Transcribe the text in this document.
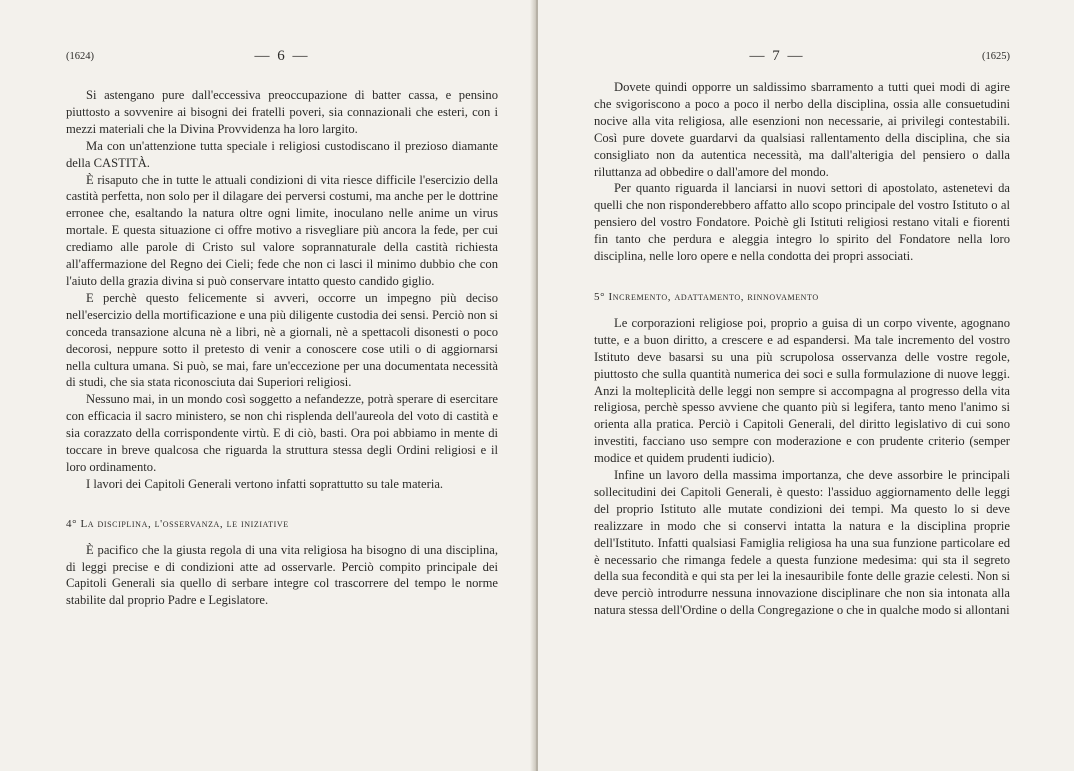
(1624)	— 6 —

Si astengano pure dall'eccessiva preoccupazione di batter cassa, e pensino piuttosto a sovvenire ai bisogni dei fratelli poveri, sia connazionali che esteri, con i mezzi materiali che la Divina Provvidenza ha loro largito.

Ma con un'attenzione tutta speciale i religiosi custodiscano il prezioso diamante della CASTITÀ.

È risaputo che in tutte le attuali condizioni di vita riesce difficile l'esercizio della castità perfetta, non solo per il dilagare dei perversi costumi, ma anche per le dottrine erronee che, esaltando la natura oltre ogni limite, inoculano nelle anime un virus mortale. E questa situazione ci offre motivo a risvegliare più ancora la fede, per cui crediamo alle parole di Cristo sul valore soprannaturale della castità richiesta all'affermazione del Regno dei Cieli; fede che non ci lasci il minimo dubbio che con l'aiuto della grazia divina si può conservare intatto questo candido giglio.

E perchè questo felicemente si avveri, occorre un impegno più deciso nell'esercizio della mortificazione e una più diligente custodia dei sensi. Perciò non si conceda transazione alcuna nè a libri, nè a giornali, nè a spettacoli disonesti o poco decorosi, neppure sotto il pretesto di venir a conoscere cose utili o di aggiornarsi nella cultura umana. Si può, se mai, fare un'eccezione per una documentata necessità di studi, che sia stata riconosciuta dai Superiori religiosi.

Nessuno mai, in un mondo così soggetto a nefandezze, potrà sperare di esercitare con efficacia il sacro ministero, se non chi risplenda dell'aureola del voto di castità e sia corazzato della corrispondente virtù. E di ciò, basti. Ora poi abbiamo in mente di toccare in breve qualcosa che riguarda la struttura stessa degli Ordini religiosi e il loro ordinamento.

I lavori dei Capitoli Generali vertono infatti soprattutto su tale materia.

4° La disciplina, l'osservanza, le iniziative

È pacifico che la giusta regola di una vita religiosa ha bisogno di una disciplina, di leggi precise e di condizioni atte ad osservarle. Perciò compito principale dei Capitoli Generali sia quello di serbare integre col trascorrere del tempo le norme stabilite dal proprio Padre e Legislatore.

— 7 —	(1625)

Dovete quindi opporre un saldissimo sbarramento a tutti quei modi di agire che svigoriscono a poco a poco il nerbo della disciplina, ossia alle consuetudini nocive alla vita religiosa, alle esenzioni non necessarie, ai privilegi contestabili. Così pure dovete guardarvi da qualsiasi rallentamento della disciplina, che sia consigliato non da autentica necessità, ma dall'alterigia del pensiero o dalla riluttanza ad obbedire o dall'amore del mondo.

Per quanto riguarda il lanciarsi in nuovi settori di apostolato, astenetevi da quelli che non risponderebbero affatto allo scopo principale del vostro Istituto o al pensiero del vostro Fondatore. Poichè gli Istituti religiosi restano vitali e fiorenti fin tanto che perdura e aleggia integro lo spirito del Fondatore nella loro disciplina, nelle loro opere e nella condotta dei propri associati.

5° Incremento, adattamento, rinnovamento

Le corporazioni religiose poi, proprio a guisa di un corpo vivente, agognano tutte, e a buon diritto, a crescere e ad espandersi. Ma tale incremento del vostro Istituto deve basarsi su una più scrupolosa osservanza delle vostre regole, piuttosto che sulla quantità numerica dei soci e sulla formulazione di nuove leggi. Anzi la molteplicità delle leggi non sempre si accompagna al progresso della vita religiosa, perchè spesso avviene che quanto più si legifera, tanto meno l'animo si orienta alla pratica. Perciò i Capitoli Generali, del diritto legislativo di cui sono investiti, facciano uso sempre con moderazione e con prudente criterio (semper modice et quidem prudenti iudicio).

Infine un lavoro della massima importanza, che deve assorbire le principali sollecitudini dei Capitoli Generali, è questo: l'assiduo aggiornamento delle leggi del proprio Istituto alle mutate condizioni dei tempi. Ma questo lo si deve realizzare in modo che si conservi intatta la natura e la disciplina proprie dell'Istituto. Infatti qualsiasi Famiglia religiosa ha una sua funzione particolare ed è necessario che rimanga fedele a questa funzione medesima: qui sta il segreto della sua fecondità e qui sta per lei la inesauribile fonte delle grazie celesti. Non si deve perciò introdurre nessuna innovazione disciplinare che non sia intonata alla natura stessa dell'Ordine o della Congregazione o che in qualche modo si allontani
